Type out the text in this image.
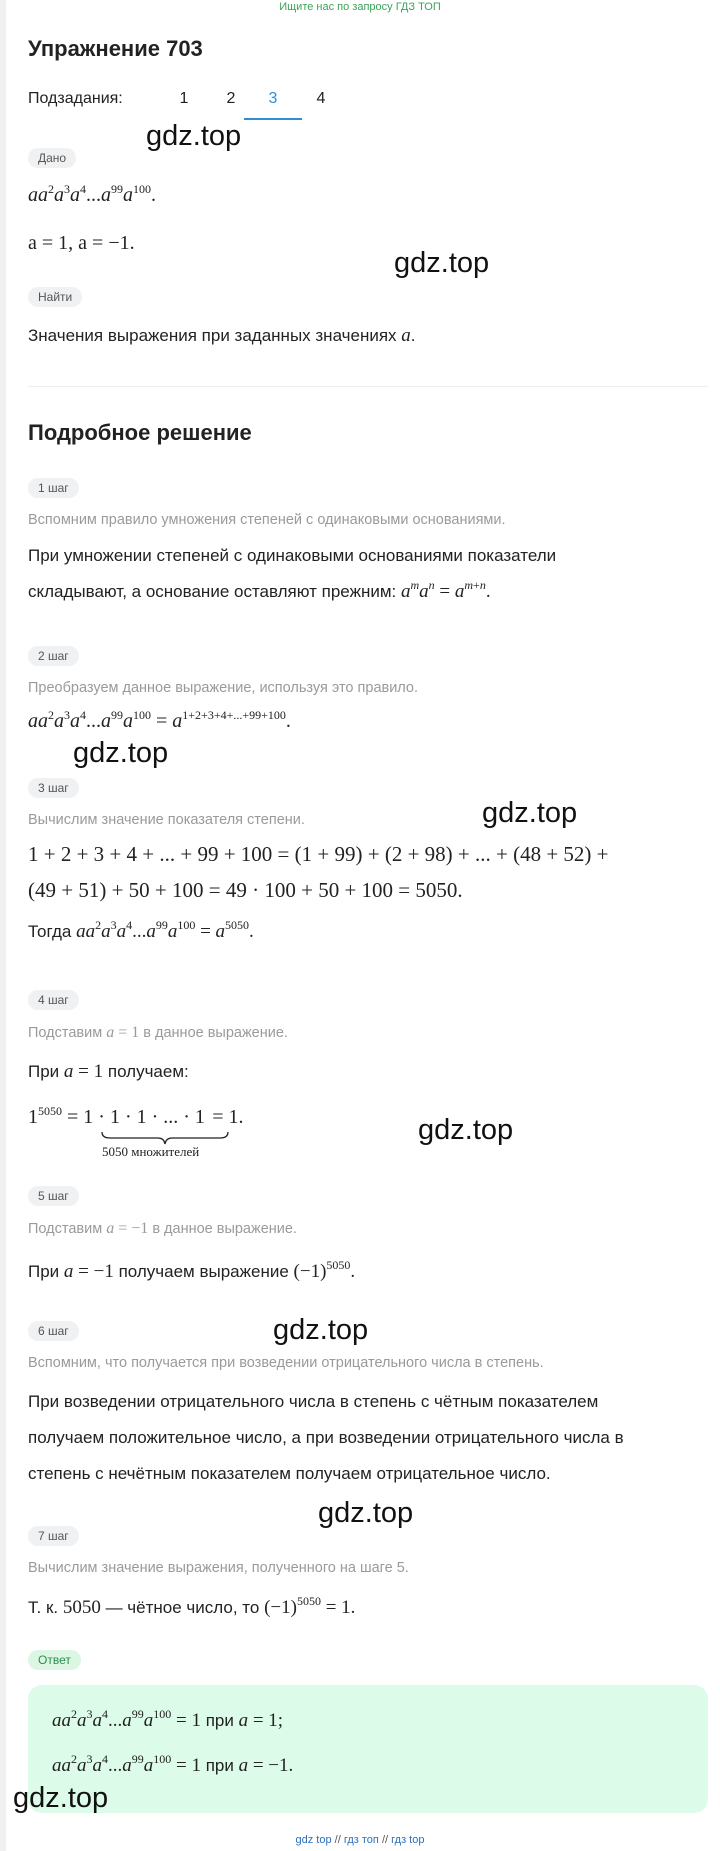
Ищите нас по запросу ГДЗ ТОП
Упражнение 703
Подзадания:	1	2	3	4
Дано
$aa^2a^3a^4...a^{99}a^{100}$.
a = 1, a = −1.
Найти
Значения выражения при заданных значениях a.
Подробное решение
1 шаг
Вспомним правило умножения степеней с одинаковыми основаниями.
При умножении степеней с одинаковыми основаниями показатели
складывают, а основание оставляют прежним: $a^ma^n = a^{m+n}$.
2 шаг
Преобразуем данное выражение, используя это правило.
$aa^2a^3a^4...a^{99}a^{100} = a^{1+2+3+4+...+99+100}$.
3 шаг
Вычислим значение показателя степени.
1 + 2 + 3 + 4 + ... + 99 + 100 = (1 + 99) + (2 + 98) + ... + (48 + 52) +
(49 + 51) + 50 + 100 = 49 · 100 + 50 + 100 = 5050.
Тогда $aa^2a^3a^4...a^{99}a^{100} = a^{5050}$.
4 шаг
Подставим a = 1 в данное выражение.
При a = 1 получаем:
$1^{5050} = 1 \cdot 1 \cdot 1$ · ... · 1 = 1.
5050 множителей
5 шаг
Подставим a = −1 в данное выражение.
При a = −1 получаем выражение $(-1)^{5050}$.
6 шаг
Вспомним, что получается при возведении отрицательного числа в степень.
При возведении отрицательного числа в степень с чётным показателем
получаем положительное число, а при возведении отрицательного числа в
степень с нечётным показателем получаем отрицательное число.
7 шаг
Вычислим значение выражения, полученного на шаге 5.
Т. к. 5050 — чётное число, то $(-1)^{5050} = 1$.
Ответ
$aa^2a^3a^4...a^{99}a^{100} = 1$ при a = 1;
$aa^2a^3a^4...a^{99}a^{100} = 1$ при a = −1.
gdz.top
gdz.top
gdz.top
gdz.top
gdz.top
gdz.top
gdz.top
gdz.top
gdz top // гдз топ // гдз top
